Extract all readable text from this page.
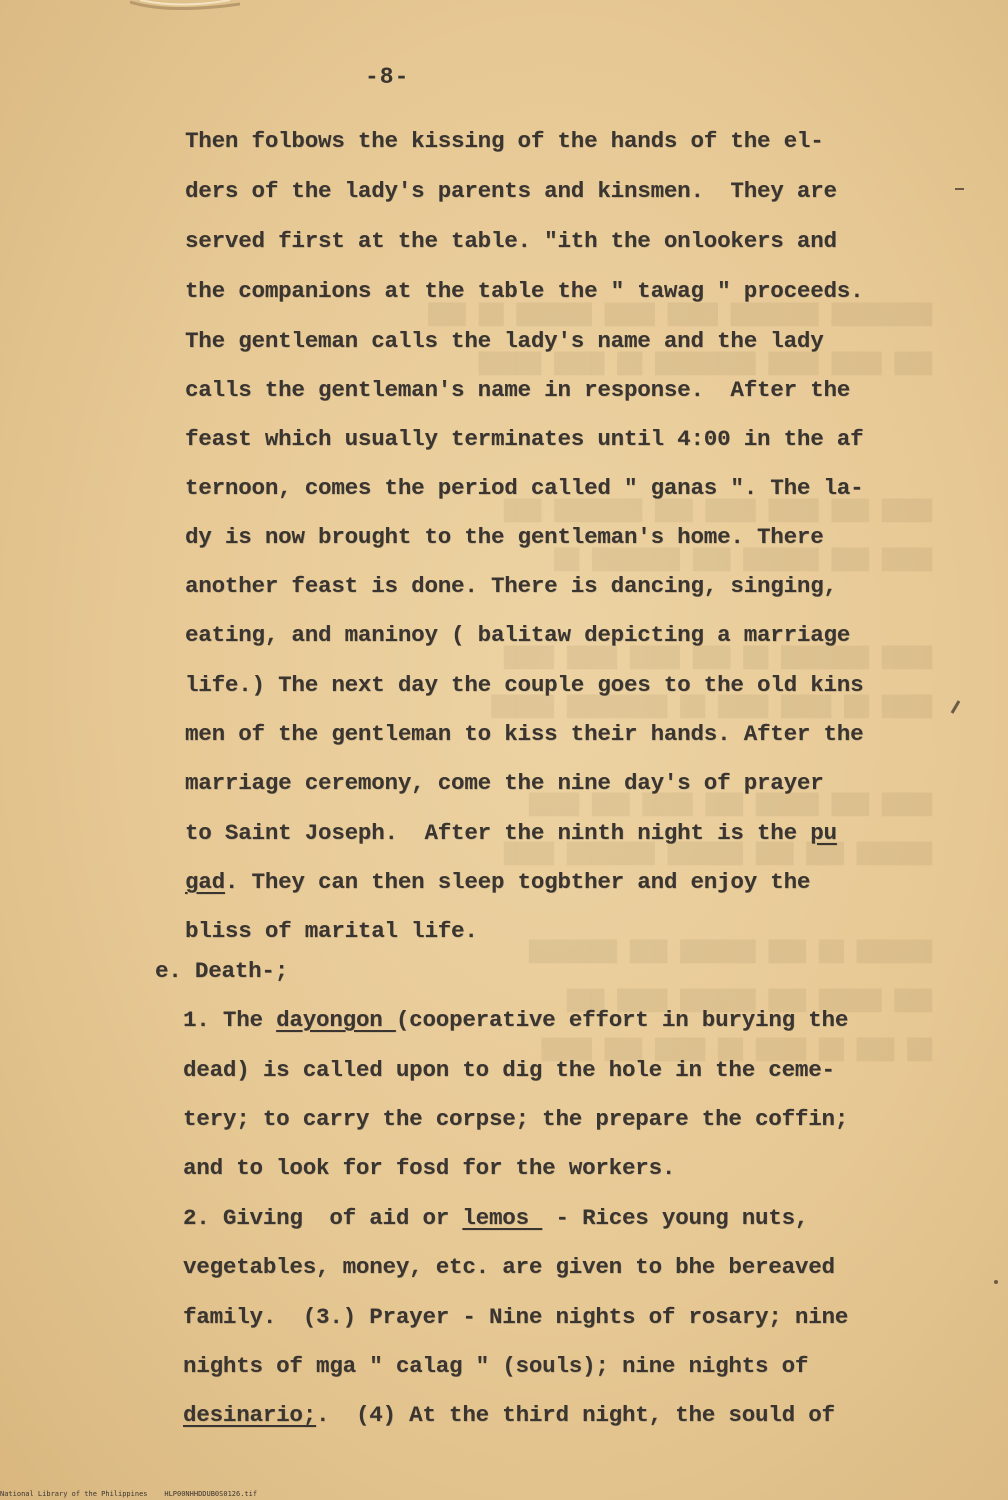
████████ ███████ ████ ████ ██████ ██ ███
███ ████ ████ ████████ ██ ████ █████

████ ███ ████ ████ ███ ███████ ███
████ ███ ██████ ███ ███████ ██

████ ███████ ██ ███ ████ ████ ████
████ ██ ████ ████ ██ ████████ █████

████ ███ █████ ███ ████ ███ ████
██████ ███ ███ ██████ ███████ ████

██████ ██ ███ ██████ ███ ███████
███ █████ ███ ██████ ████ ███
██ ███ ██ ████ ██ ████ ███ ████

-8-
Then folbows the kissing of the hands of the el-
ders of the lady's parents and kinsmen.  They are
served first at the table. "ith the onlookers and
the companions at the table the " tawag " proceeds.
The gentleman calls the lady's name and the lady
calls the gentleman's name in response.  After the
feast which usually terminates until 4:00 in the af
ternoon, comes the period called " ganas ". The la-
dy is now brought to the gentleman's home. There
another feast is done. There is dancing, singing,
eating, and maninoy ( balitaw depicting a marriage
life.) The next day the couple goes to the old kins
men of the gentleman to kiss their hands. After the
marriage ceremony, come the nine day's of prayer
to Saint Joseph.  After the ninth night is the pu
gad. They can then sleep togbther and enjoy the
bliss of marital life.
e. Death-;
1. The dayongon (cooperative effort in burying the
dead) is called upon to dig the hole in the ceme-
tery; to carry the corpse; the prepare the coffin;
and to look for fosd for the workers.
2. Giving  of aid or lemos  - Rices young nuts,
vegetables, money, etc. are given to bhe bereaved
family.  (3.) Prayer - Nine nights of rosary; nine
nights of mga " calag " (souls); nine nights of
desinario;.  (4) At the third night, the sould of
National Library of the Philippines    HLP00NHHDDUB0S0126.tif
